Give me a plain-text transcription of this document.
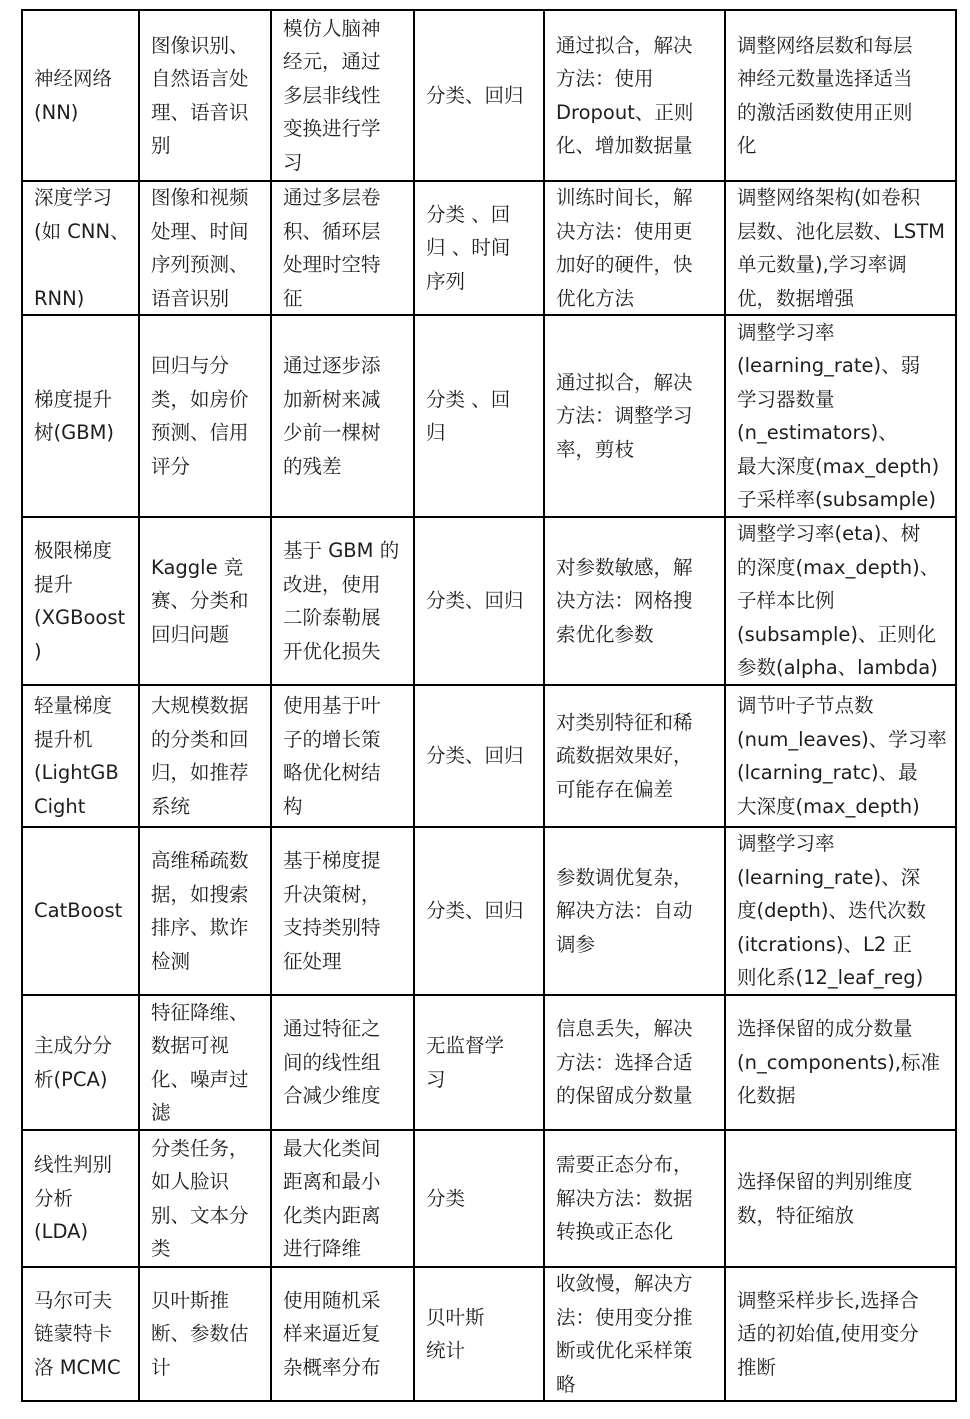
神经网络
(NN)
图像识别、
自然语言处
理、语音识
别
模仿人脑神
经元，通过
多层非线性
变换进行学
习
分类、回归
通过拟合，解决
方法：使用
Dropout、正则
化、增加数据量
调整网络层数和每层
神经元数量选择适当
的激活函数使用正则
化
深度学习
(如 CNN、

RNN)
图像和视频
处理、时间
序列预测、
语音识别
通过多层卷
积、循环层
处理时空特
征
分类 、回
归 、时间
序列
训练时间长，解
决方法：使用更
加好的硬件，快
优化方法
调整网络架构(如卷积
层数、池化层数、LSTM
单元数量),学习率调
优，数据增强
梯度提升
树(GBM)
回归与分
类，如房价
预测、信用
评分
通过逐步添
加新树来减
少前一棵树
的残差
分类 、回
归
通过拟合，解决
方法：调整学习
率，剪枝
调整学习率
(learning_rate)、弱
学习器数量
(n_estimators)、
最大深度(max_depth)
子采样率(subsample)
极限梯度
提升
(XGBoost
)
Kaggle 竞
赛、分类和
回归问题
基于 GBM 的
改进，使用
二阶泰勒展
开优化损失
分类、回归
对参数敏感，解
决方法：网格搜
索优化参数
调整学习率(eta)、树
的深度(max_depth)、
子样本比例
(subsample)、正则化
参数(alpha、lambda)
轻量梯度
提升机
(LightGB
Cight
大规模数据
的分类和回
归，如推荐
系统
使用基于叶
子的增长策
略优化树结
构
分类、回归
对类别特征和稀
疏数据效果好，
可能存在偏差
调节叶子节点数
(num_leaves)、学习率
(lcarning_ratc)、最
大深度(max_depth)
CatBoost
高维稀疏数
据，如搜索
排序、欺诈
检测
基于梯度提
升决策树，
支持类别特
征处理
分类、回归
参数调优复杂，
解决方法：自动
调参
调整学习率
(learning_rate)、深
度(depth)、迭代次数
(itcrations)、L2 正
则化系(12_leaf_reg)
主成分分
析(PCA)
特征降维、
数据可视
化、噪声过
滤
通过特征之
间的线性组
合减少维度
无监督学
习
信息丢失，解决
方法：选择合适
的保留成分数量
选择保留的成分数量
(n_components),标准
化数据
线性判别
分析
(LDA)
分类任务，
如人脸识
别、文本分
类
最大化类间
距离和最小
化类内距离
进行降维
分类
需要正态分布，
解决方法：数据
转换或正态化
选择保留的判别维度
数，特征缩放
马尔可夫
链蒙特卡
洛 MCMC
贝叶斯推
断、参数估
计
使用随机采
样来逼近复
杂概率分布
贝叶斯
统计
收敛慢，解决方
法：使用变分推
断或优化采样策
略
调整采样步长,选择合
适的初始值,使用变分
推断
